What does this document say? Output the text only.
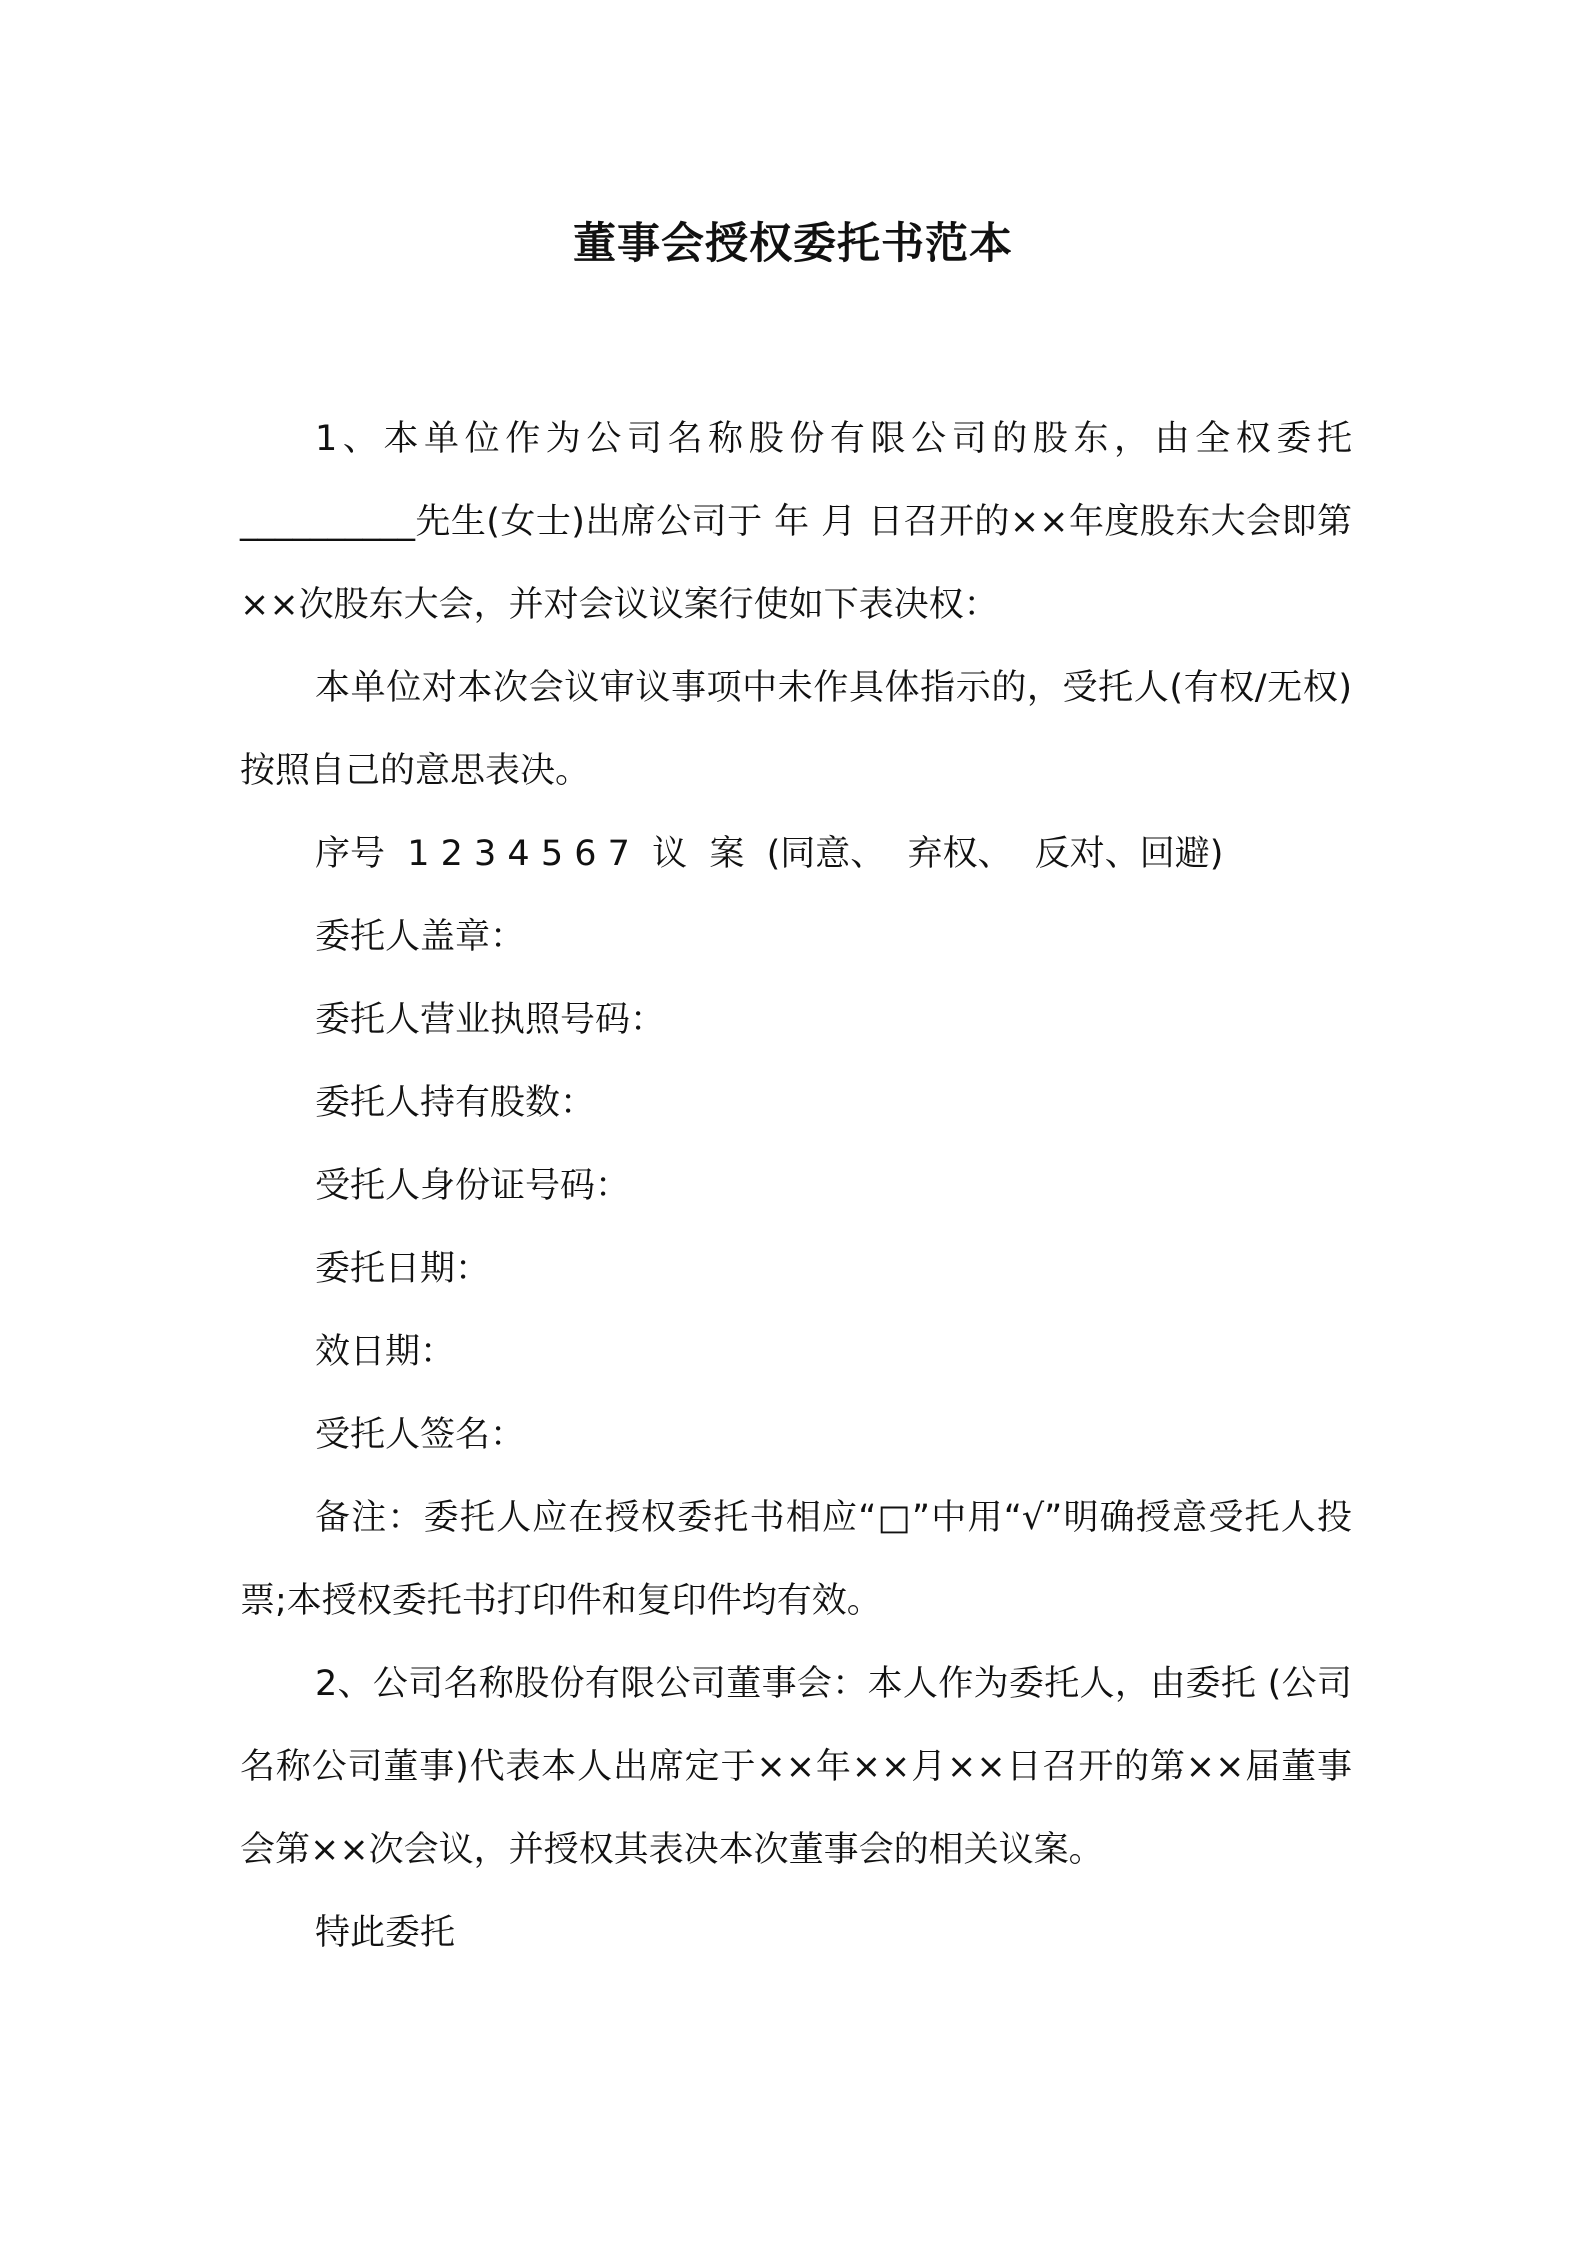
董事会授权委托书范本

1、本单位作为公司名称股份有限公司的股东，由全权委托__________先生(女士)出席公司于 年 月 日召开的××年度股东大会即第××次股东大会，并对会议议案行使如下表决权：

本单位对本次会议审议事项中未作具体指示的，受托人(有权/无权)按照自己的意思表决。

序号  1 2 3 4 5 6 7  议  案  (同意、  弃权、  反对、回避)

委托人盖章：

委托人营业执照号码：

委托人持有股数：

受托人身份证号码：

委托日期：

效日期：

受托人签名：

备注：委托人应在授权委托书相应“□”中用“√”明确授意受托人投票;本授权委托书打印件和复印件均有效。

2、公司名称股份有限公司董事会：本人作为委托人，由委托 (公司名称公司董事)代表本人出席定于××年××月××日召开的第××届董事会第××次会议，并授权其表决本次董事会的相关议案。

特此委托
